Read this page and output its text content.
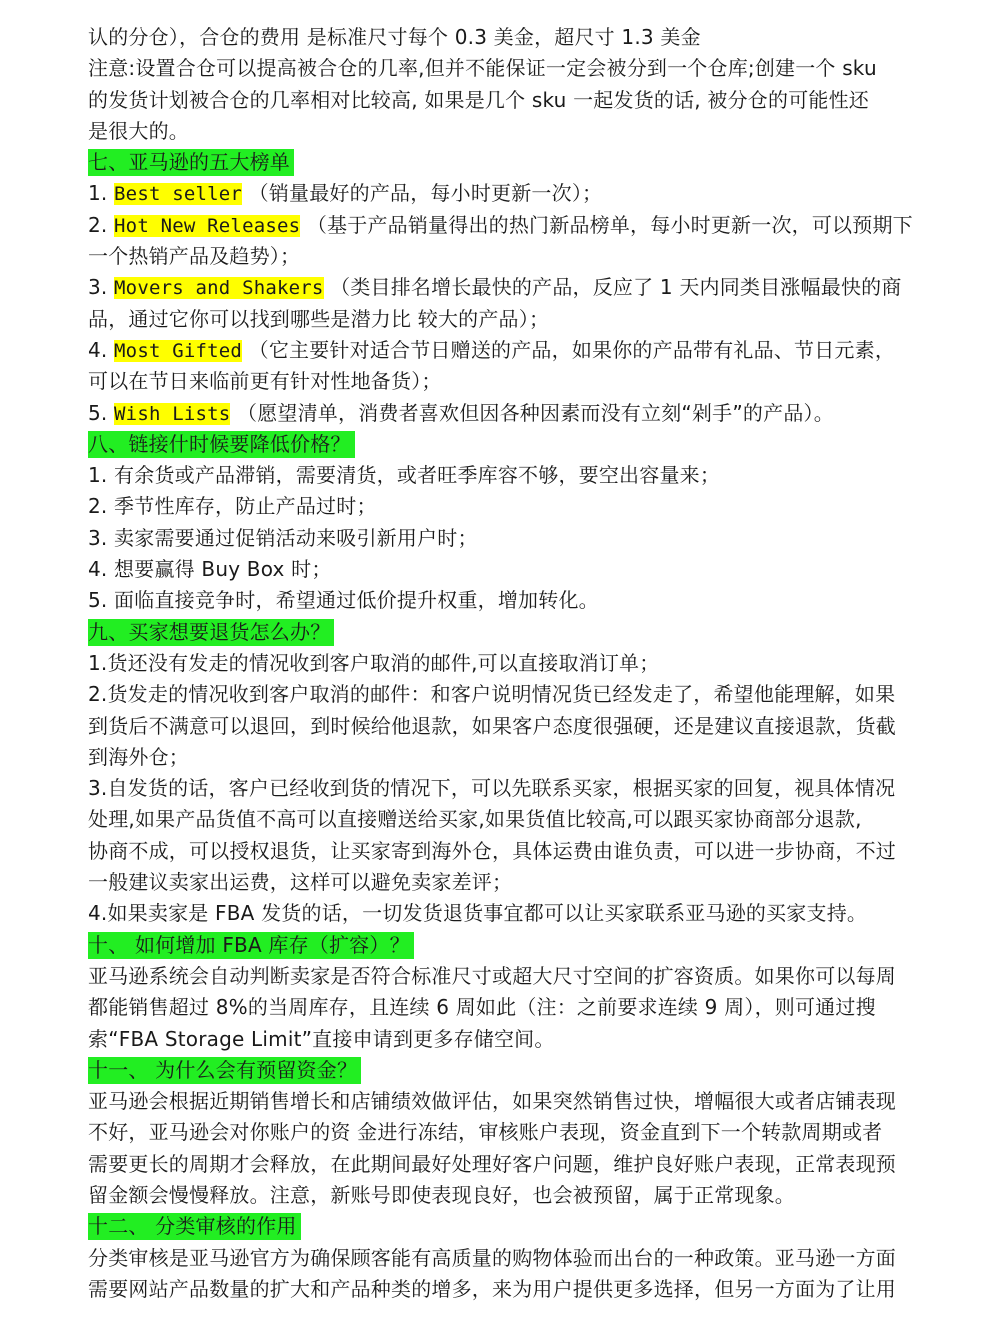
认的分仓），合仓的费用 是标准尺寸每个 0.3 美金，超尺寸 1.3 美金
注意:设置合仓可以提高被合仓的几率,但并不能保证一定会被分到一个仓库;创建一个 sku
的发货计划被合仓的几率相对比较高, 如果是几个 sku 一起发货的话, 被分仓的可能性还
是很大的。
七、亚马逊的五大榜单
1. Best seller （销量最好的产品，每小时更新一次）；
2. Hot New Releases （基于产品销量得出的热门新品榜单，每小时更新一次，可以预期下
一个热销产品及趋势）；
3. Movers and Shakers （类目排名增长最快的产品，反应了 1 天内同类目涨幅最快的商
品，通过它你可以找到哪些是潜力比 较大的产品）；
4. Most Gifted （它主要针对适合节日赠送的产品，如果你的产品带有礼品、节日元素，
可以在节日来临前更有针对性地备货）；
5. Wish Lists （愿望清单，消费者喜欢但因各种因素而没有立刻“剁手”的产品）。
八、链接什时候要降低价格？
1. 有余货或产品滞销，需要清货，或者旺季库容不够，要空出容量来；
2. 季节性库存，防止产品过时；
3. 卖家需要通过促销活动来吸引新用户时；
4. 想要赢得 Buy Box 时；
5. 面临直接竞争时，希望通过低价提升权重，增加转化。
九、买家想要退货怎么办？
1.货还没有发走的情况收到客户取消的邮件,可以直接取消订单；
2.货发走的情况收到客户取消的邮件：和客户说明情况货已经发走了，希望他能理解，如果
到货后不满意可以退回，到时候给他退款，如果客户态度很强硬，还是建议直接退款，货截
到海外仓；
3.自发货的话，客户已经收到货的情况下，可以先联系买家，根据买家的回复，视具体情况
处理,如果产品货值不高可以直接赠送给买家,如果货值比较高,可以跟买家协商部分退款,
协商不成，可以授权退货，让买家寄到海外仓，具体运费由谁负责，可以进一步协商，不过
一般建议卖家出运费，这样可以避免卖家差评；
4.如果卖家是 FBA 发货的话，一切发货退货事宜都可以让买家联系亚马逊的买家支持。
十、 如何增加 FBA 库存（扩容）？
亚马逊系统会自动判断卖家是否符合标准尺寸或超大尺寸空间的扩容资质。如果你可以每周
都能销售超过 8%的当周库存，且连续 6 周如此（注：之前要求连续 9 周），则可通过搜
索“FBA Storage Limit”直接申请到更多存储空间。
十一、 为什么会有预留资金？
亚马逊会根据近期销售增长和店铺绩效做评估，如果突然销售过快，增幅很大或者店铺表现
不好，亚马逊会对你账户的资 金进行冻结，审核账户表现，资金直到下一个转款周期或者
需要更长的周期才会释放，在此期间最好处理好客户问题，维护良好账户表现，正常表现预
留金额会慢慢释放。注意，新账号即使表现良好，也会被预留，属于正常现象。
十二、 分类审核的作用
分类审核是亚马逊官方为确保顾客能有高质量的购物体验而出台的一种政策。亚马逊一方面
需要网站产品数量的扩大和产品种类的增多，来为用户提供更多选择，但另一方面为了让用
